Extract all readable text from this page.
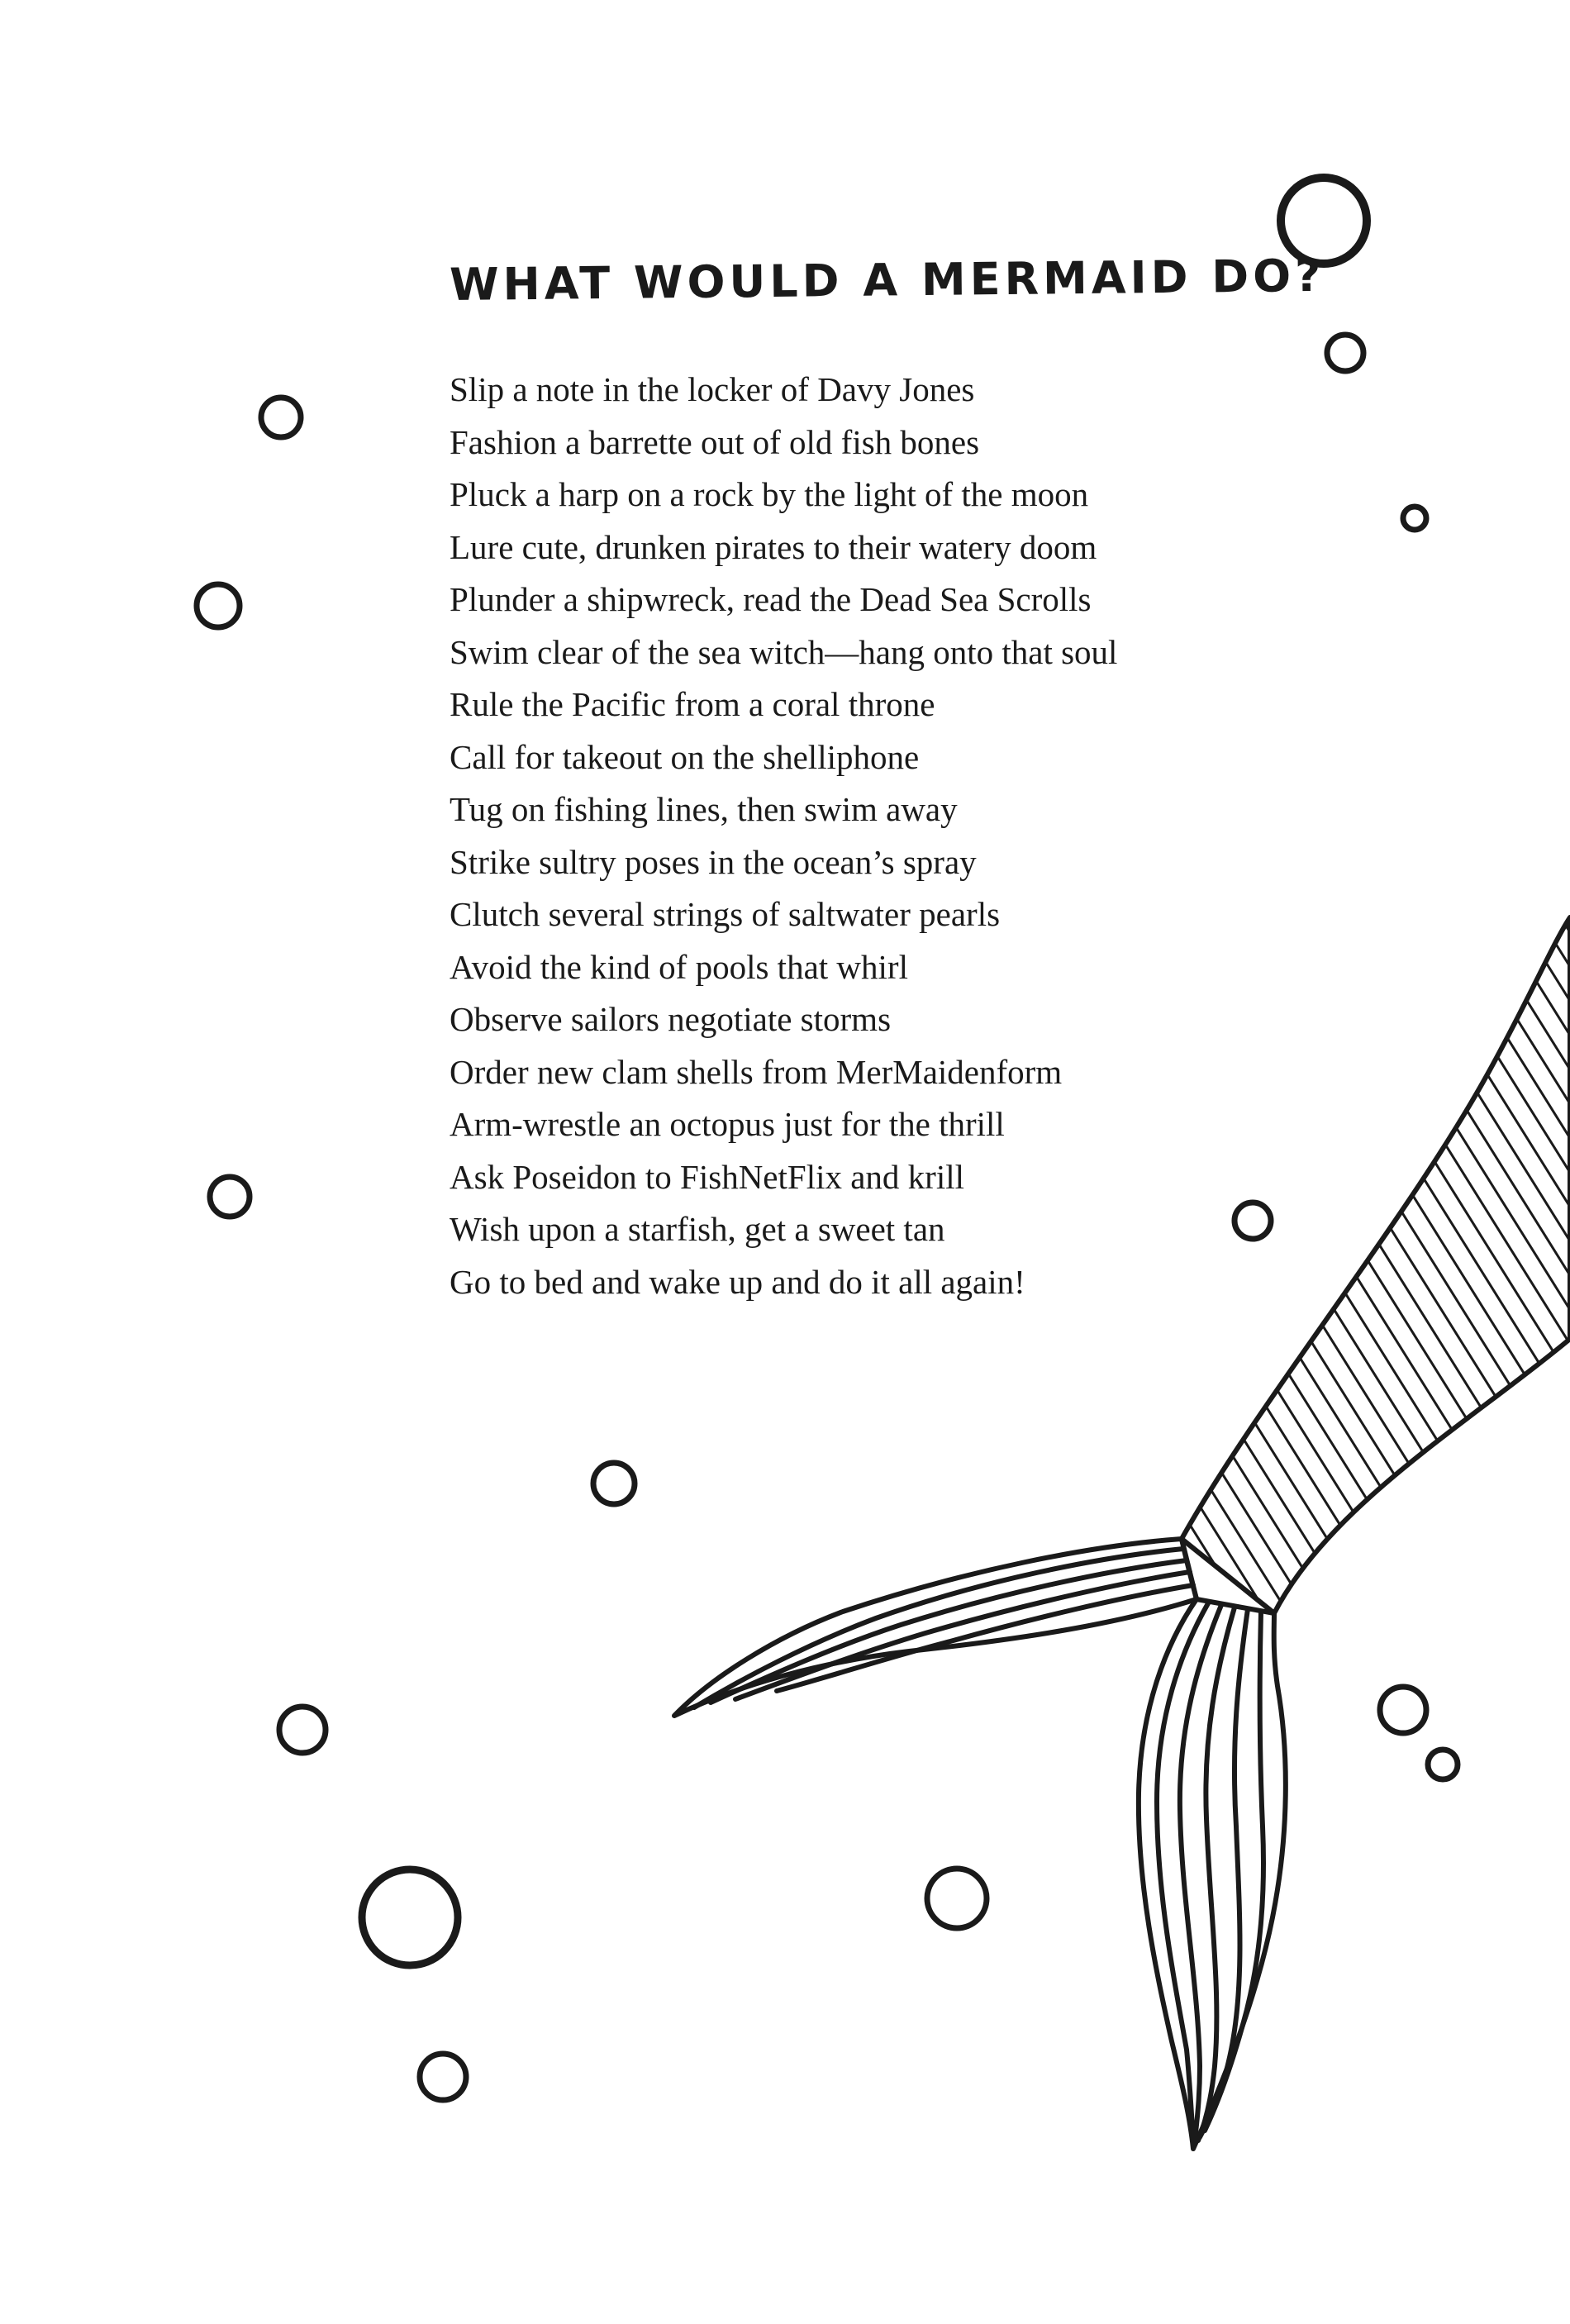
WHAT WOULD A MERMAID DO?
Slip a note in the locker of Davy Jones
Fashion a barrette out of old fish bones
Pluck a harp on a rock by the light of the moon
Lure cute, drunken pirates to their watery doom
Plunder a shipwreck, read the Dead Sea Scrolls
Swim clear of the sea witch—hang onto that soul
Rule the Pacific from a coral throne
Call for takeout on the shelliphone
Tug on fishing lines, then swim away
Strike sultry poses in the ocean’s spray
Clutch several strings of saltwater pearls
Avoid the kind of pools that whirl
Observe sailors negotiate storms
Order new clam shells from MerMaidenform
Arm-wrestle an octopus just for the thrill
Ask Poseidon to FishNetFlix and krill
Wish upon a starfish, get a sweet tan
Go to bed and wake up and do it all again!
